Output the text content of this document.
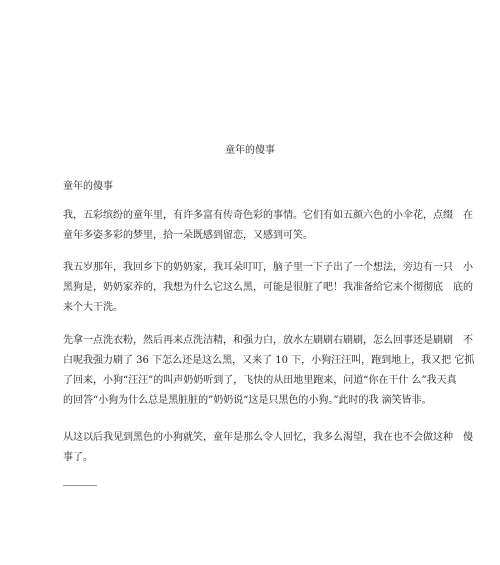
童年的傻事
童年的傻事
我，五彩缤纷的童年里，有许多富有传奇色彩的事情。它们有如五颜六色的小伞花，点缀　在
童年多姿多彩的梦里，拾一朵既感到留恋，又感到可笑。
我五岁那年，我回乡下的奶奶家，我耳朵叮叮，脑子里一下子出了一个想法，旁边有一只　小
黑狗是，奶奶家养的，我想为什么它这么黑，可能是很脏了吧！我准备给它来个彻彻底　底的
来个大干洗。
先拿一点洗衣粉，然后再来点洗洁精，和强力白，放水左刷刷右刷刷，怎么回事还是刷刷　不
白呢我强力刷了 36 下怎么还是这么黑，又来了 10 下，小狗汪汪叫，跑到地上，我又把 它抓
了回来，小狗“汪汪”的叫声奶奶听到了，飞快的从田地里跑来，问道“你在干什 么”我天真
的回答“小狗为什么总是黑脏脏的”奶奶说“这是只黑色的小狗。”此时的我 滴笑皆非。
从这以后我见到黑色的小狗就笑，童年是那么令人回忆，我多么渴望，我在也不会做这种　傻
事了。
